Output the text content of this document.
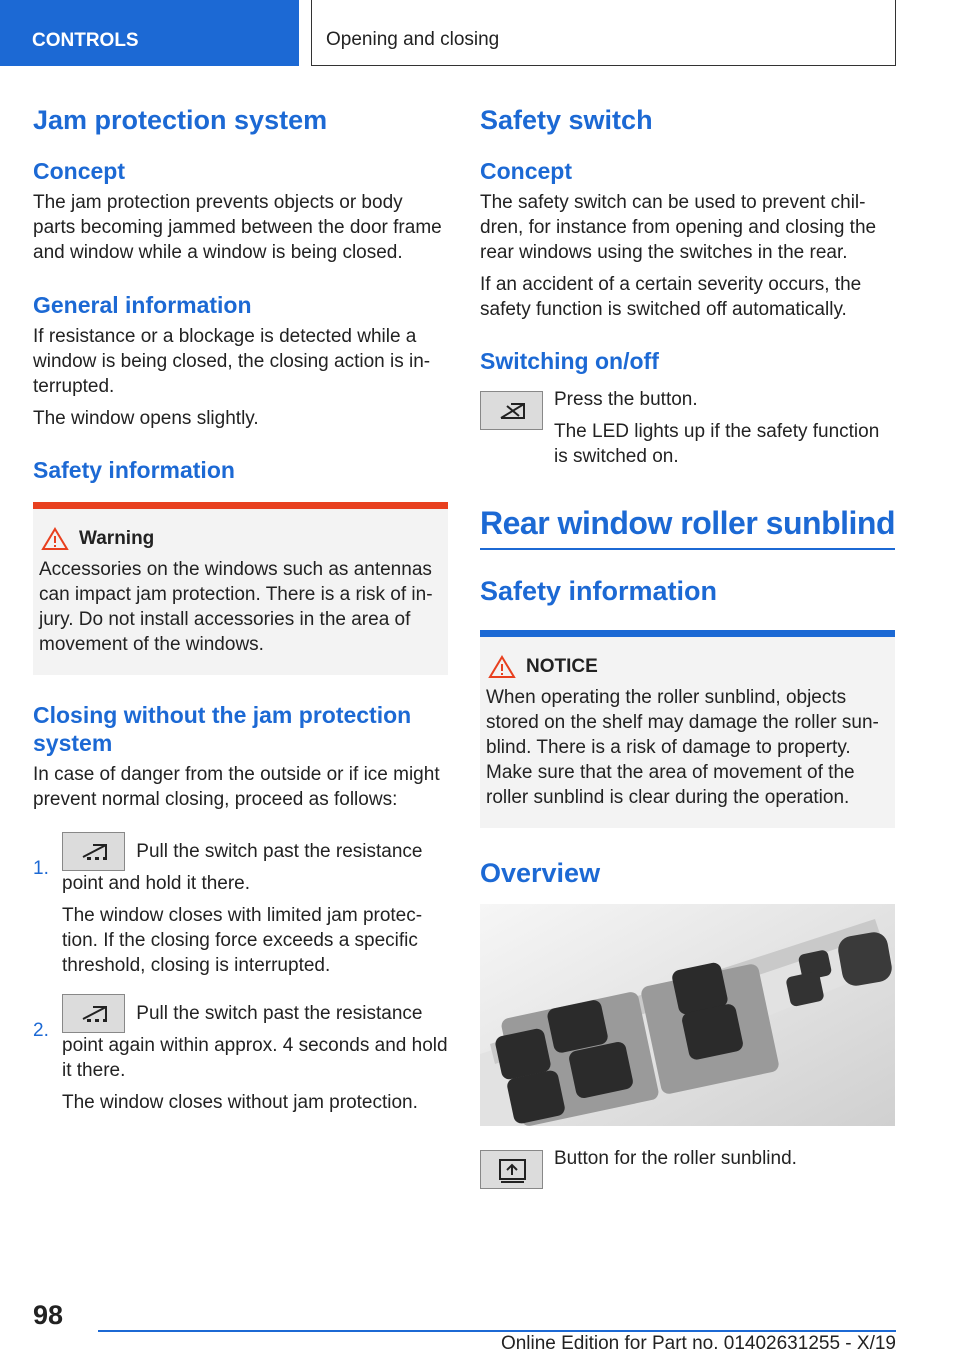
CONTROLS	Opening and closing
Jam protection system
Concept

The jam protection prevents objects or body parts becoming jammed between the door frame and window while a window is being closed.

General information

If resistance or a blockage is detected while a window is being closed, the closing action is in-terrupted.

The window opens slightly.

Safety information
Warning

Accessories on the windows such as antennas can impact jam protection. There is a risk of in-jury. Do not install accessories in the area of movement of the windows.

Closing without the jam protection system

In case of danger from the outside or if ice might prevent normal closing, proceed as follows:

1.

Pull the switch past the resistance point and hold it there.

The window closes with limited jam protec-tion. If the closing force exceeds a specific threshold, closing is interrupted.

2.

Pull the switch past the resistance point again within approx. 4 seconds and hold it there.

The window closes without jam protection.

Safety switch
Concept

The safety switch can be used to prevent chil-dren, for instance from opening and closing the rear windows using the switches in the rear.

If an accident of a certain severity occurs, the safety function is switched off automatically.

Switching on/off

Press the button.

The LED lights up if the safety function is switched on.

Rear window roller sunblind
Safety information
NOTICE

When operating the roller sunblind, objects stored on the shelf may damage the roller sun-blind. There is a risk of damage to property. Make sure that the area of movement of the roller sunblind is clear during the operation.

Overview

Button for the roller sunblind.

98
Online Edition for Part no. 01402631255 - X/19
